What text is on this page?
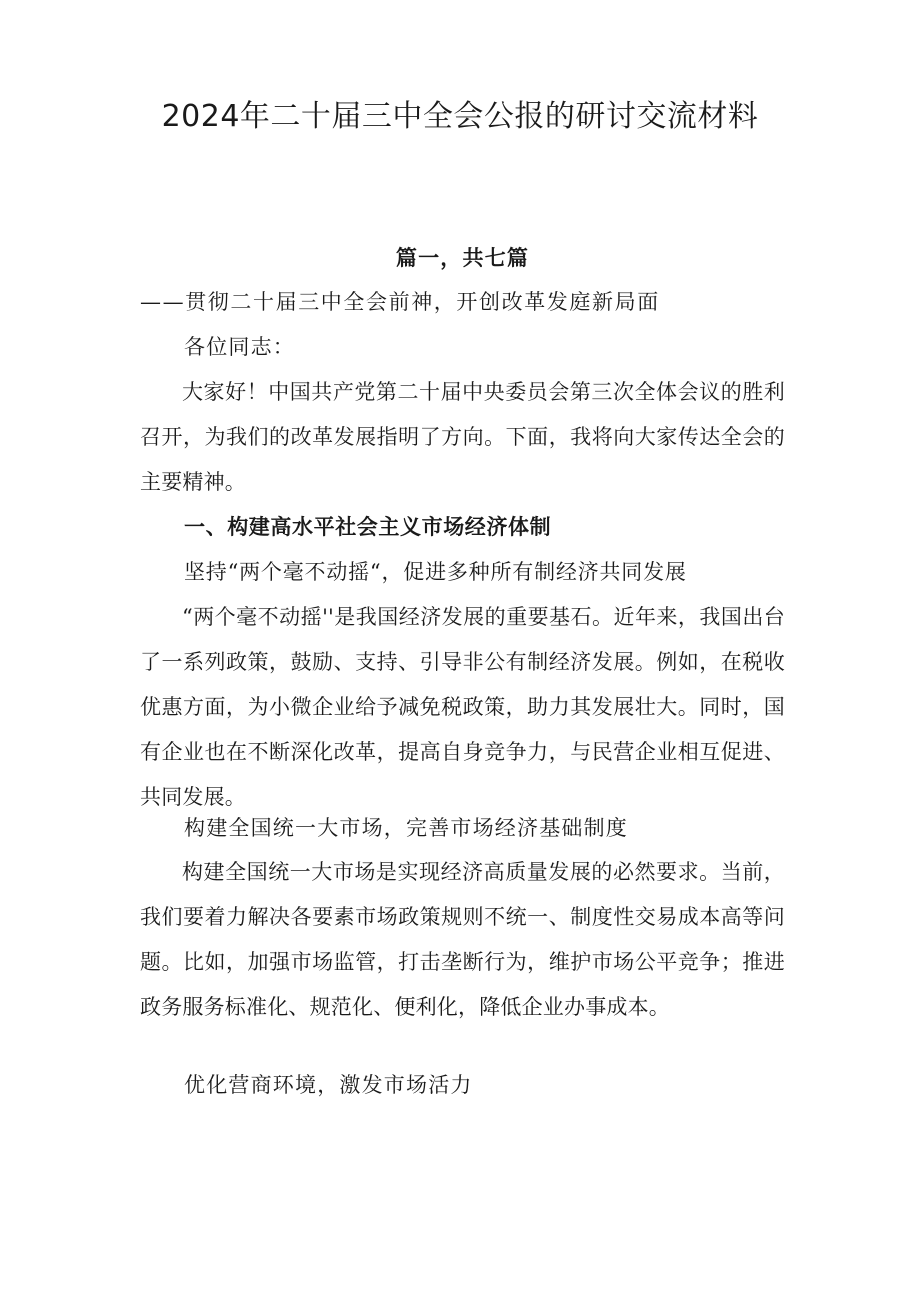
2024年二十届三中全会公报的研讨交流材料

篇一，共七篇

——贯彻二十届三中全会前神，开创改革发庭新局面

各位同志：

大家好！中国共产党第二十届中央委员会第三次全体会议的胜利召开，为我们的改革发展指明了方向。下面，我将向大家传达全会的主要精神。

一、构建高水平社会主义市场经济体制

坚持“两个毫不动摇“，促进多种所有制经济共同发展

“两个毫不动摇''是我国经济发展的重要基石。近年来，我国出台了一系列政策，鼓励、支持、引导非公有制经济发展。例如，在税收优惠方面，为小微企业给予减免税政策，助力其发展壮大。同时，国有企业也在不断深化改革，提高自身竞争力，与民营企业相互促进、共同发展。

构建全国统一大市场，完善市场经济基础制度

构建全国统一大市场是实现经济高质量发展的必然要求。当前，我们要着力解决各要素市场政策规则不统一、制度性交易成本高等问题。比如，加强市场监管，打击垄断行为，维护市场公平竞争；推进政务服务标准化、规范化、便利化，降低企业办事成本。

优化营商环境，激发市场活力
